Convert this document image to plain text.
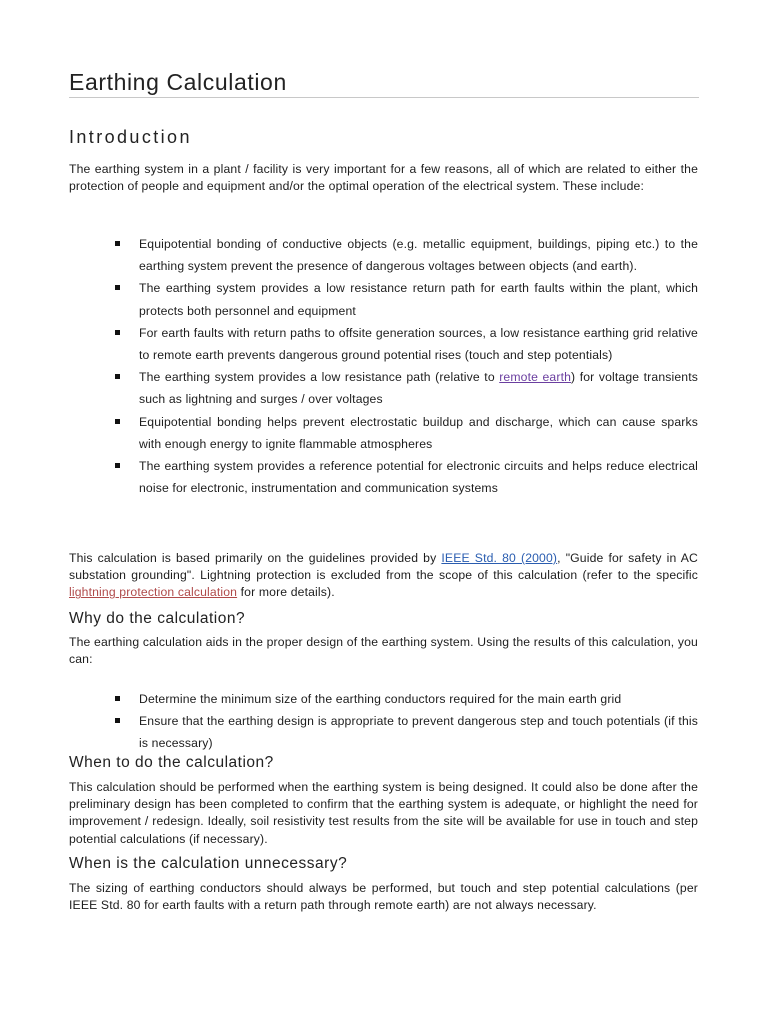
Earthing Calculation
Introduction

The earthing system in a plant / facility is very important for a few reasons, all of which are related to either the protection of people and equipment and/or the optimal operation of the electrical system. These include:

Equipotential bonding of conductive objects (e.g. metallic equipment, buildings, piping etc.) to the earthing system prevent the presence of dangerous voltages between objects (and earth).
The earthing system provides a low resistance return path for earth faults within the plant, which protects both personnel and equipment
For earth faults with return paths to offsite generation sources, a low resistance earthing grid relative to remote earth prevents dangerous ground potential rises (touch and step potentials)
The earthing system provides a low resistance path (relative to remote earth) for voltage transients such as lightning and surges / over voltages
Equipotential bonding helps prevent electrostatic buildup and discharge, which can cause sparks with enough energy to ignite flammable atmospheres
The earthing system provides a reference potential for electronic circuits and helps reduce electrical noise for electronic, instrumentation and communication systems

This calculation is based primarily on the guidelines provided by IEEE Std. 80 (2000), "Guide for safety in AC substation grounding". Lightning protection is excluded from the scope of this calculation (refer to the specific lightning protection calculation for more details).

Why do the calculation?

The earthing calculation aids in the proper design of the earthing system. Using the results of this calculation, you can:

Determine the minimum size of the earthing conductors required for the main earth grid
Ensure that the earthing design is appropriate to prevent dangerous step and touch potentials (if this is necessary)
When to do the calculation?

This calculation should be performed when the earthing system is being designed. It could also be done after the preliminary design has been completed to confirm that the earthing system is adequate, or highlight the need for improvement / redesign. Ideally, soil resistivity test results from the site will be available for use in touch and step potential calculations (if necessary).

When is the calculation unnecessary?

The sizing of earthing conductors should always be performed, but touch and step potential calculations (per IEEE Std. 80 for earth faults with a return path through remote earth) are not always necessary.
